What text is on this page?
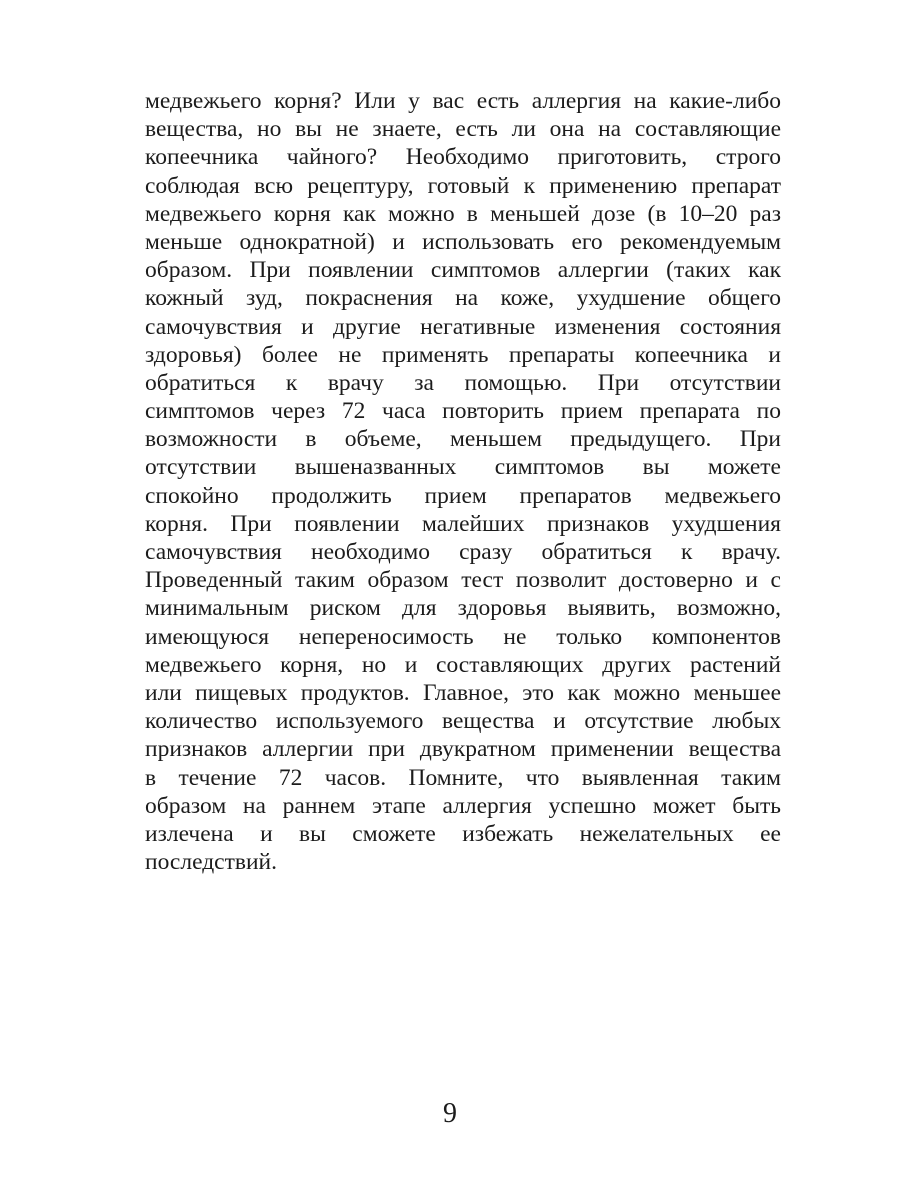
медвежьего корня? Или у вас есть аллергия на какие-либо
вещества, но вы не знаете, есть ли она на составляющие
копеечника чайного? Необходимо приготовить, строго
соблюдая всю рецептуру, готовый к применению препарат
медвежьего корня как можно в меньшей дозе (в 10–20 раз
меньше однократной) и использовать его рекомендуемым
образом. При появлении симптомов аллергии (таких как
кожный зуд, покраснения на коже, ухудшение общего
самочувствия и другие негативные изменения состояния
здоровья) более не применять препараты копеечника и
обратиться к врачу за помощью. При отсутствии
симптомов через 72 часа повторить прием препарата по
возможности в объеме, меньшем предыдущего. При
отсутствии вышеназванных симптомов вы можете
спокойно продолжить прием препаратов медвежьего
корня. При появлении малейших признаков ухудшения
самочувствия необходимо сразу обратиться к врачу.
Проведенный таким образом тест позволит достоверно и с
минимальным риском для здоровья выявить, возможно,
имеющуюся непереносимость не только компонентов
медвежьего корня, но и составляющих других растений
или пищевых продуктов. Главное, это как можно меньшее
количество используемого вещества и отсутствие любых
признаков аллергии при двукратном применении вещества
в течение 72 часов. Помните, что выявленная таким
образом на раннем этапе аллергия успешно может быть
излечена и вы сможете избежать нежелательных ее
последствий.
9
